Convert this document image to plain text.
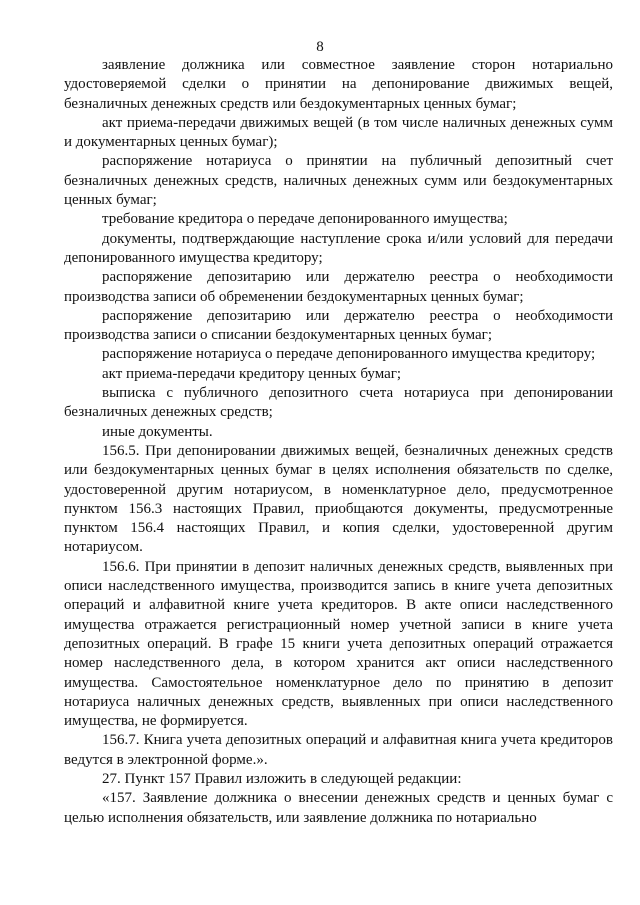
8

заявление должника или совместное заявление сторон нотариально удостоверяемой сделки о принятии на депонирование движимых вещей, безналичных денежных средств или бездокументарных ценных бумаг;

акт приема-передачи движимых вещей (в том числе наличных денежных сумм и документарных ценных бумаг);

распоряжение нотариуса о принятии на публичный депозитный счет безналичных денежных средств, наличных денежных сумм или бездокументарных ценных бумаг;

требование кредитора о передаче депонированного имущества;

документы, подтверждающие наступление срока и/или условий для передачи депонированного имущества кредитору;

распоряжение депозитарию или держателю реестра о необходимости производства записи об обременении бездокументарных ценных бумаг;

распоряжение депозитарию или держателю реестра о необходимости производства записи о списании бездокументарных ценных бумаг;

распоряжение нотариуса о передаче депонированного имущества кредитору;

акт приема-передачи кредитору ценных бумаг;

выписка с публичного депозитного счета нотариуса при депонировании безналичных денежных средств;

иные документы.

156.5. При депонировании движимых вещей, безналичных денежных средств или бездокументарных ценных бумаг в целях исполнения обязательств по сделке, удостоверенной другим нотариусом, в номенклатурное дело, предусмотренное пунктом 156.3 настоящих Правил, приобщаются документы, предусмотренные пунктом 156.4 настоящих Правил, и копия сделки, удостоверенной другим нотариусом.

156.6. При принятии в депозит наличных денежных средств, выявленных при описи наследственного имущества, производится запись в книге учета депозитных операций и алфавитной книге учета кредиторов. В акте описи наследственного имущества отражается регистрационный номер учетной записи в книге учета депозитных операций. В графе 15 книги учета депозитных операций отражается номер наследственного дела, в котором хранится акт описи наследственного имущества. Самостоятельное номенклатурное дело по принятию в депозит нотариуса наличных денежных средств, выявленных при описи наследственного имущества, не формируется.

156.7. Книга учета депозитных операций и алфавитная книга учета кредиторов ведутся в электронной форме.».

27. Пункт 157 Правил изложить в следующей редакции:

«157. Заявление должника о внесении денежных средств и ценных бумаг с целью исполнения обязательств, или заявление должника по нотариально
